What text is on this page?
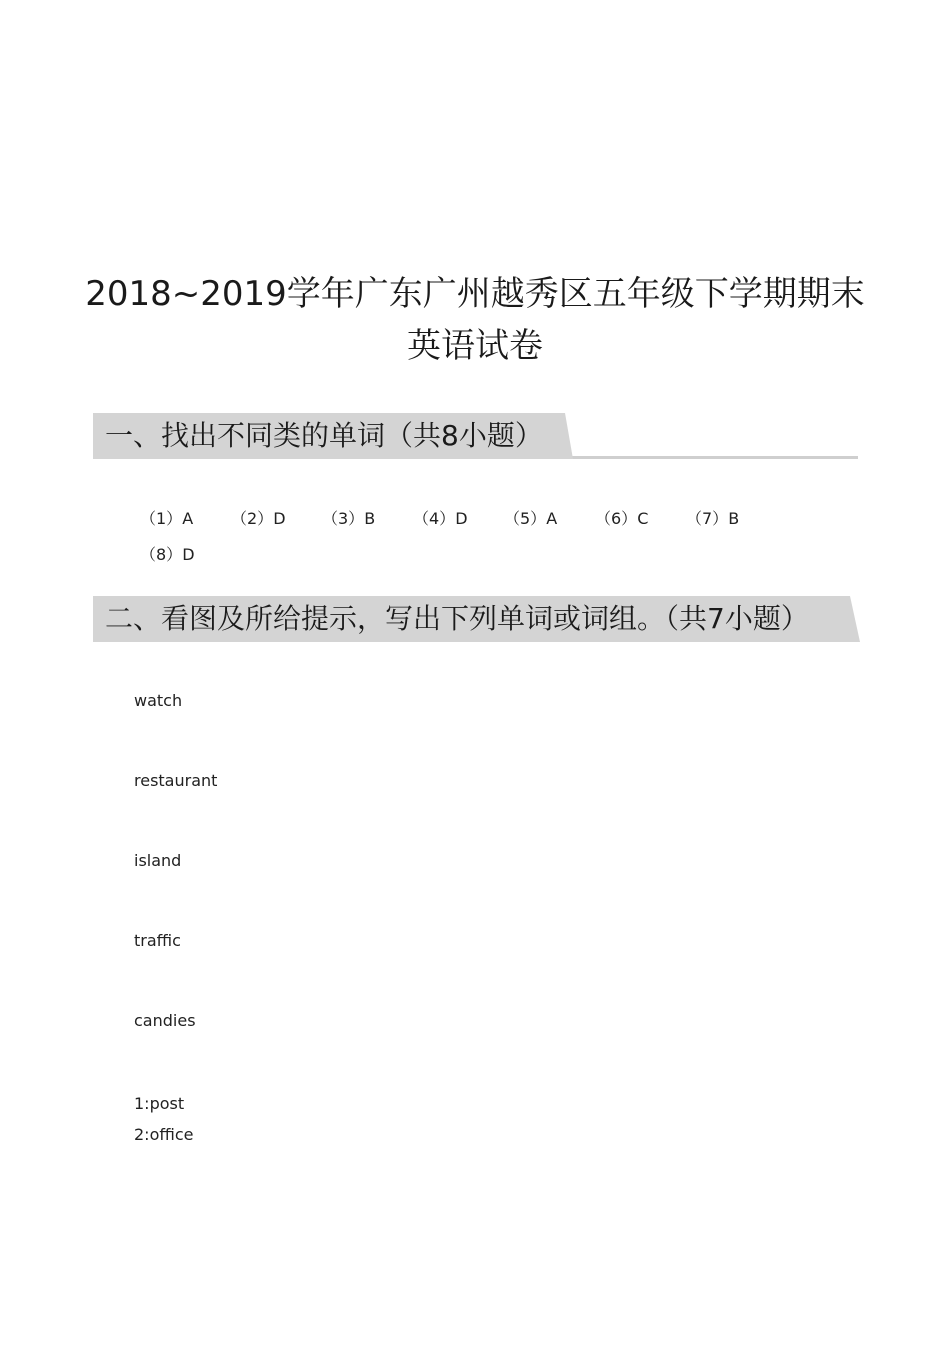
2018~2019学年广东广州越秀区五年级下学期期末
英语试卷
一、找出不同类的单词（共8小题）
（1）A （2）D （3）B （4）D （5）A （6）C （7）B
（8）D
二、看图及所给提示，写出下列单词或词组。（共7小题）
watch
restaurant
island
traffic
candies
1:post
2:office
